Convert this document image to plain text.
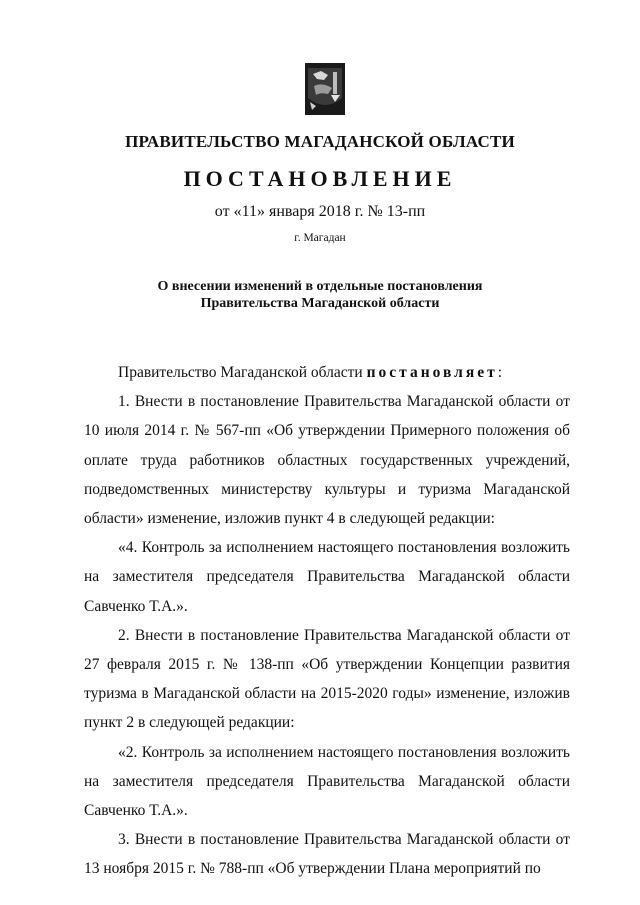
ПРАВИТЕЛЬСТВО МАГАДАНСКОЙ ОБЛАСТИ
ПОСТАНОВЛЕНИЕ
от «11» января 2018 г. № 13-пп
г. Магадан
О внесении изменений в отдельные постановления
Правительства Магаданской области

Правительство Магаданской области постановляет:

1. Внести в постановление Правительства Магаданской области от 10 июля 2014 г. № 567-пп «Об утверждении Примерного положения об оплате труда работников областных государственных учреждений, подведомственных министерству культуры и туризма Магаданской области» изменение, изложив пункт 4 в следующей редакции:

«4. Контроль за исполнением настоящего постановления возложить на заместителя председателя Правительства Магаданской области Савченко Т.А.».

2. Внести в постановление Правительства Магаданской области от 27 февраля 2015 г. № 138-пп «Об утверждении Концепции развития туризма в Магаданской области на 2015-2020 годы» изменение, изложив пункт 2 в следующей редакции:

«2. Контроль за исполнением настоящего постановления возложить на заместителя председателя Правительства Магаданской области Савченко Т.А.».

3. Внести в постановление Правительства Магаданской области от 13 ноября 2015 г. № 788-пп «Об утверждении Плана мероприятий по
